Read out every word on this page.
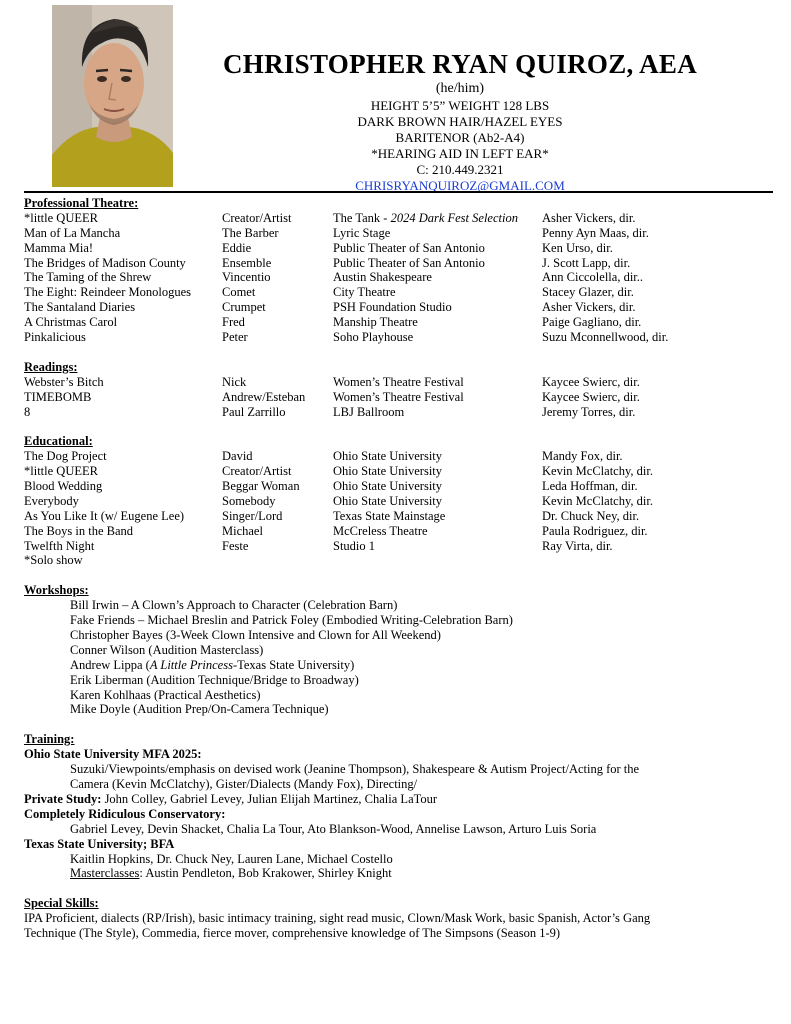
CHRISTOPHER RYAN QUIROZ, AEA
(he/him)
HEIGHT 5’5” WEIGHT 128 LBS
DARK BROWN HAIR/HAZEL EYES
BARITENOR (Ab2-A4)
*HEARING AID IN LEFT EAR*
C: 210.449.2321
CHRISRYANQUIROZ@GMAIL.COM
Professional Theatre:
*little QUEER	Creator/Artist	The Tank - 2024 Dark Fest Selection	Asher Vickers, dir.
Man of La Mancha	The Barber	Lyric Stage	Penny Ayn Maas, dir.
Mamma Mia!	Eddie	Public Theater of San Antonio	Ken Urso, dir.
The Bridges of Madison County	Ensemble	Public Theater of San Antonio	J. Scott Lapp, dir.
The Taming of the Shrew	Vincentio	Austin Shakespeare	Ann Ciccolella, dir..
The Eight: Reindeer Monologues	Comet	City Theatre	Stacey Glazer, dir.
The Santaland Diaries	Crumpet	PSH Foundation Studio	Asher Vickers, dir.
A Christmas Carol	Fred	Manship Theatre	Paige Gagliano, dir.
Pinkalicious	Peter	Soho Playhouse	Suzu Mconnellwood, dir.
Readings:
Webster’s Bitch	Nick	Women’s Theatre Festival	Kaycee Swierc, dir.
TIMEBOMB	Andrew/Esteban	Women’s Theatre Festival	Kaycee Swierc, dir.
8	Paul Zarrillo	LBJ Ballroom	Jeremy Torres, dir.
Educational:
The Dog Project	David	Ohio State University	Mandy Fox, dir.
*little QUEER	Creator/Artist	Ohio State University	Kevin McClatchy, dir.
Blood Wedding	Beggar Woman	Ohio State University	Leda Hoffman, dir.
Everybody	Somebody	Ohio State University	Kevin McClatchy, dir.
As You Like It (w/ Eugene Lee)	Singer/Lord	Texas State Mainstage	Dr. Chuck Ney, dir.
The Boys in the Band	Michael	McCreless Theatre	Paula Rodriguez, dir.
Twelfth Night	Feste	Studio 1	Ray Virta, dir.
*Solo show
Workshops:
Bill Irwin – A Clown’s Approach to Character (Celebration Barn)
Fake Friends – Michael Breslin and Patrick Foley (Embodied Writing-Celebration Barn)
Christopher Bayes (3-Week Clown Intensive and Clown for All Weekend)
Conner Wilson (Audition Masterclass)
Andrew Lippa (A Little Princess-Texas State University)
Erik Liberman (Audition Technique/Bridge to Broadway)
Karen Kohlhaas (Practical Aesthetics)
Mike Doyle (Audition Prep/On-Camera Technique)
Training:
Ohio State University MFA 2025:
Suzuki/Viewpoints/emphasis on devised work (Jeanine Thompson), Shakespeare & Autism Project/Acting for the
Camera (Kevin McClatchy), Gister/Dialects (Mandy Fox), Directing/
Private Study: John Colley, Gabriel Levey, Julian Elijah Martinez, Chalia LaTour
Completely Ridiculous Conservatory:
Gabriel Levey, Devin Shacket, Chalia La Tour, Ato Blankson-Wood, Annelise Lawson, Arturo Luis Soria
Texas State University; BFA
Kaitlin Hopkins, Dr. Chuck Ney, Lauren Lane, Michael Costello
Masterclasses: Austin Pendleton, Bob Krakower, Shirley Knight
Special Skills:
IPA Proficient, dialects (RP/Irish), basic intimacy training, sight read music, Clown/Mask Work, basic Spanish, Actor’s Gang
Technique (The Style), Commedia, fierce mover, comprehensive knowledge of The Simpsons (Season 1-9)
